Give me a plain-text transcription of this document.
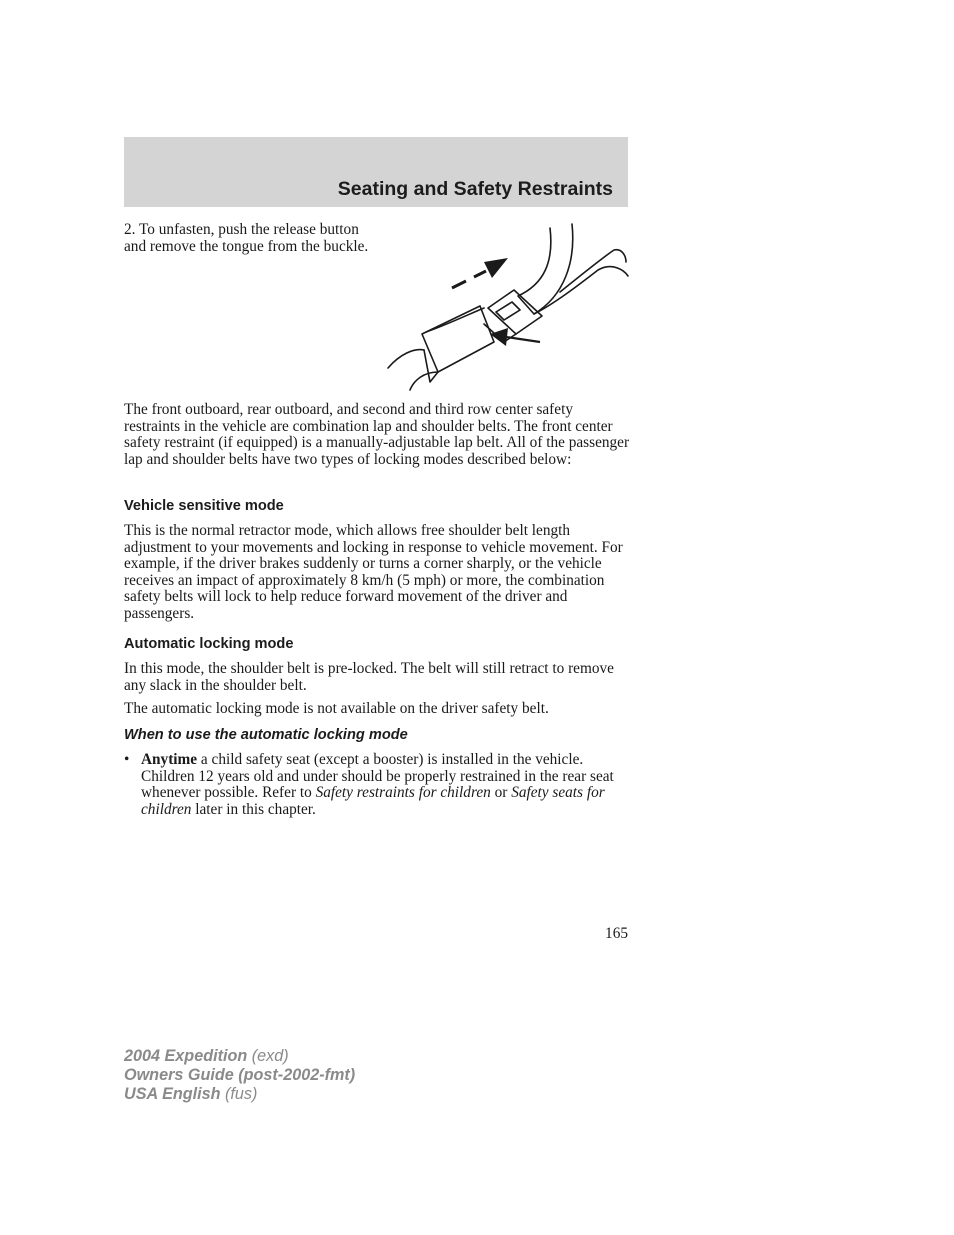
Seating and Safety Restraints

2. To unfasten, push the release button and remove the tongue from the buckle.

The front outboard, rear outboard, and second and third row center safety restraints in the vehicle are combination lap and shoulder belts. The front center safety restraint (if equipped) is a manually-adjustable lap belt. All of the passenger lap and shoulder belts have two types of locking modes described below:

Vehicle sensitive mode

This is the normal retractor mode, which allows free shoulder belt length adjustment to your movements and locking in response to vehicle movement. For example, if the driver brakes suddenly or turns a corner sharply, or the vehicle receives an impact of approximately 8 km/h (5 mph) or more, the combination safety belts will lock to help reduce forward movement of the driver and passengers.

Automatic locking mode

In this mode, the shoulder belt is pre-locked. The belt will still retract to remove any slack in the shoulder belt.

The automatic locking mode is not available on the driver safety belt.

When to use the automatic locking mode
• Anytime a child safety seat (except a booster) is installed in the vehicle. Children 12 years old and under should be properly restrained in the rear seat whenever possible. Refer to Safety restraints for children or Safety seats for children later in this chapter.
165
2004 Expedition (exd)
Owners Guide (post-2002-fmt)
USA English (fus)
